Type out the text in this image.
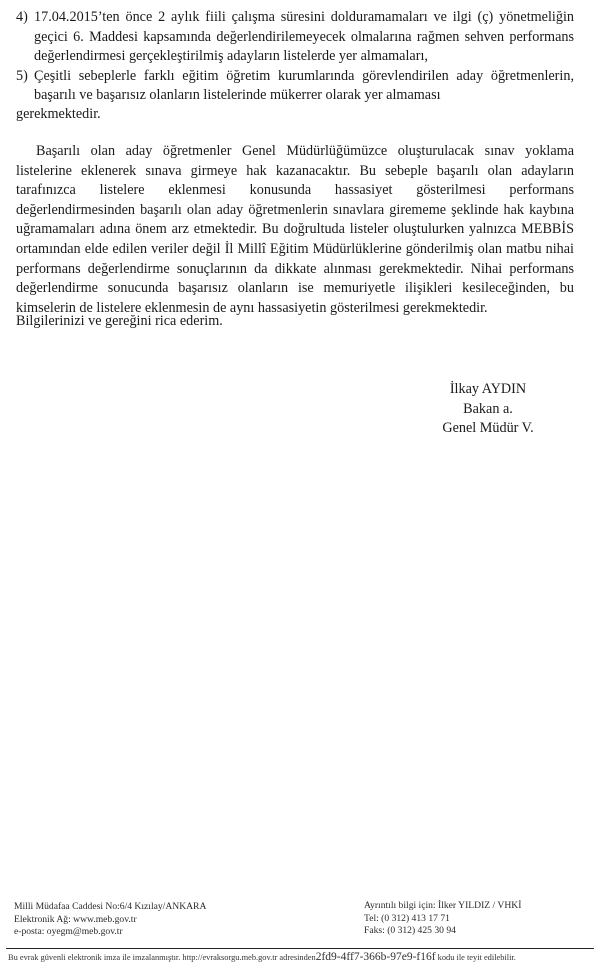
4) 17.04.2015’ten önce 2 aylık fiili çalışma süresini dolduramamaları ve ilgi (ç) yönetmeliğin geçici 6. Maddesi kapsamında değerlendirilemeyecek olmalarına rağmen sehven performans değerlendirmesi gerçekleştirilmiş adayların listelerde yer almamaları,
5) Çeşitli sebeplerle farklı eğitim öğretim kurumlarında görevlendirilen aday öğretmenlerin, başarılı ve başarısız olanların listelerinde mükerrer olarak yer almaması
gerekmektedir.
Başarılı olan aday öğretmenler Genel Müdürlüğümüzce oluşturulacak sınav yoklama listelerine eklenerek sınava girmeye hak kazanacaktır. Bu sebeple başarılı olan adayların tarafınızca listelere eklenmesi konusunda hassasiyet gösterilmesi performans değerlendirmesinden başarılı olan aday öğretmenlerin sınavlara girememe şeklinde hak kaybına uğramamaları adına önem arz etmektedir. Bu doğrultuda listeler oluştulurken yalnızca MEBBİS ortamından elde edilen veriler değil İl Millî Eğitim Müdürlüklerine gönderilmiş olan matbu nihai performans değerlendirme sonuçlarının da dikkate alınması gerekmektedir. Nihai performans değerlendirme sonucunda başarısız olanların ise memuriyetle ilişikleri kesileceğinden, bu kimselerin de listelere eklenmesin de aynı hassasiyetin gösterilmesi gerekmektedir.
Bilgilerinizi ve gereğini rica ederim.
İlkay AYDIN
Bakan a.
Genel Müdür V.
Milli Müdafaa Caddesi No:6/4 Kızılay/ANKARA
Elektronik Ağ: www.meb.gov.tr
e-posta: oyegm@meb.gov.tr
Ayrıntılı bilgi için: İlker YILDIZ / VHKİ
Tel: (0 312) 413 17 71
Faks: (0 312) 425 30 94
Bu evrak güvenli elektronik imza ile imzalanmıştır. http://evraksorgu.meb.gov.tr adresinden2fd9-4ff7-366b-97e9-f16f kodu ile teyit edilebilir.
